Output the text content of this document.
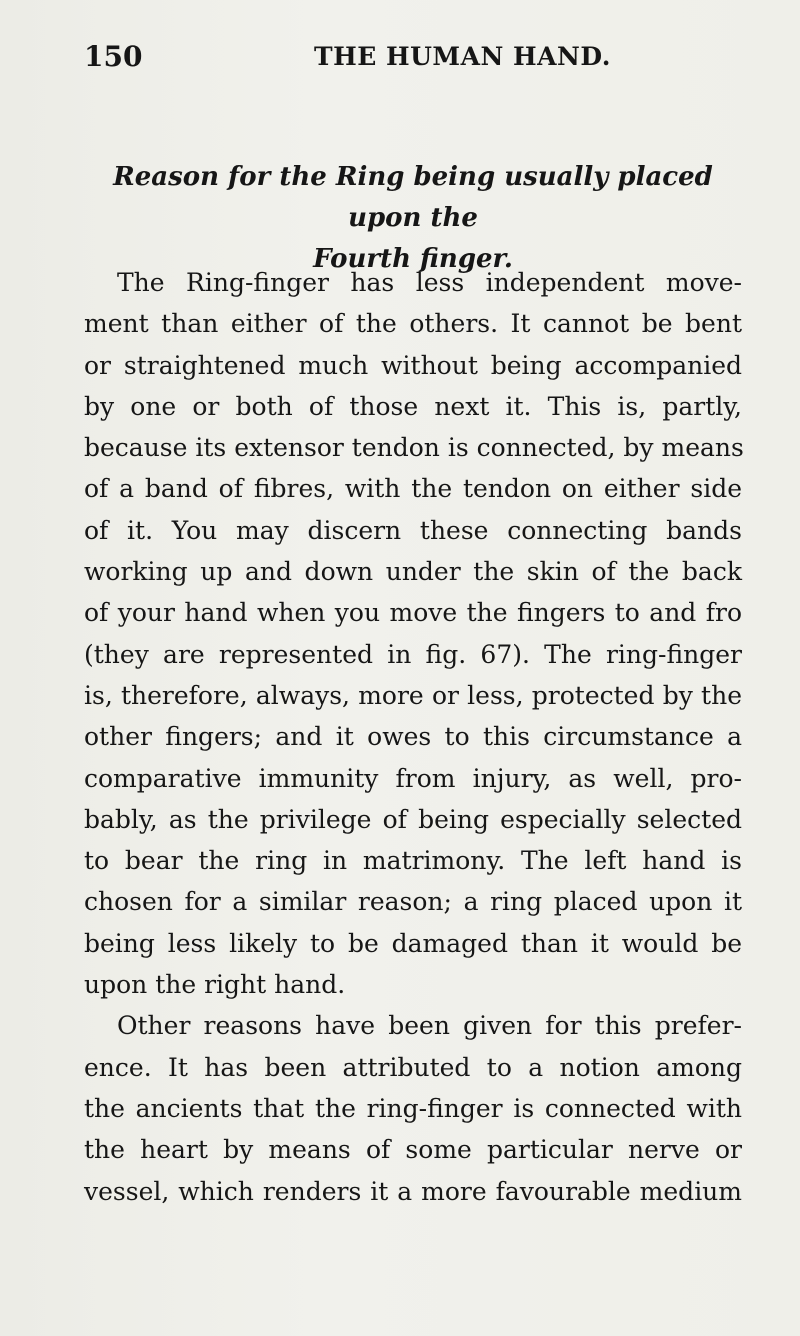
150	THE HUMAN HAND.
Reason for the Ring being usually placed upon the
Fourth finger.
The Ring-finger has less independent move-
ment than either of the others. It cannot be bent
or straightened much without being accompanied
by one or both of those next it. This is, partly,
because its extensor tendon is connected, by means
of a band of fibres, with the tendon on either side
of it. You may discern these connecting bands
working up and down under the skin of the back
of your hand when you move the fingers to and fro
(they are represented in fig. 67). The ring-finger
is, therefore, always, more or less, protected by the
other fingers; and it owes to this circumstance a
comparative immunity from injury, as well, pro-
bably, as the privilege of being especially selected
to bear the ring in matrimony. The left hand is
chosen for a similar reason; a ring placed upon it
being less likely to be damaged than it would be
upon the right hand.
Other reasons have been given for this prefer-
ence. It has been attributed to a notion among
the ancients that the ring-finger is connected with
the heart by means of some particular nerve or
vessel, which renders it a more favourable medium
